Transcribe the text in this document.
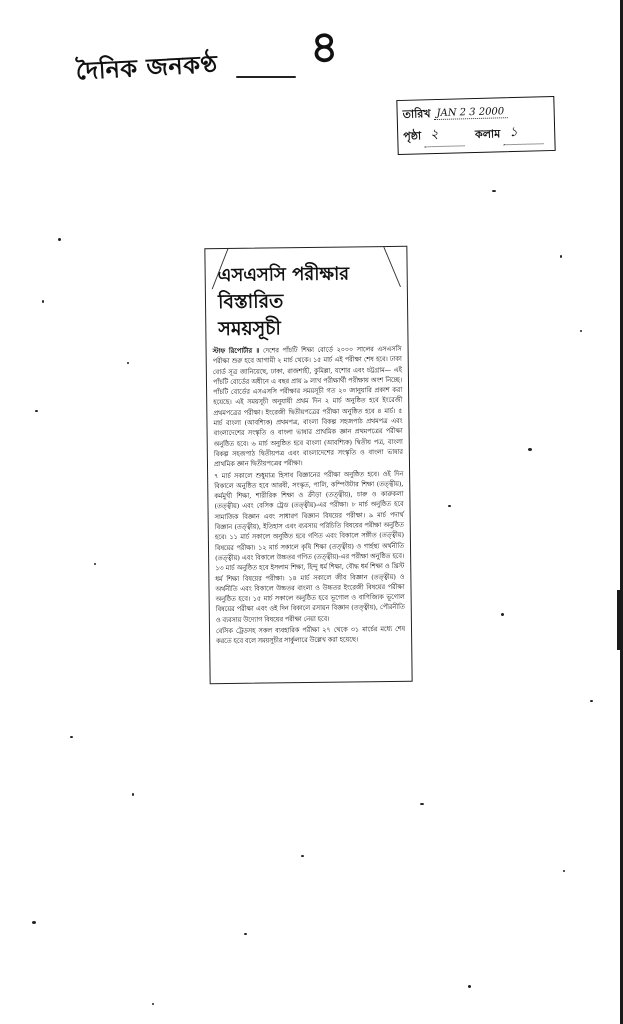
দৈনিক জনকণ্ঠ ৪
তারিখ JAN 2 3 2000
পৃষ্ঠা ২	কলাম ১
এসএসসি পরীক্ষার
বিস্তারিত
সময়সূচী

স্টাফ রিপোর্টার ॥ দেশের পাঁচটি শিক্ষা বোর্ডে ২০০০ সালের এসএসসি পরীক্ষা শুরু হবে আগামী ২ মার্চ থেকে। ১৫ মার্চ এই পরীক্ষা শেষ হবে। ঢাকা বোর্ড সূত্র জানিয়েছে, ঢাকা, রাজশাহী, কুমিল্লা, যশোর এবং চট্টগ্রাম— এই পাঁচটি বোর্ডের অধীনে এ বছর প্রায় ৯ লাখ পরীক্ষার্থী পরীক্ষায় অংশ নিচ্ছে। পাঁচটি বোর্ডের এসএসসি পরীক্ষার সময়সূচী গত ২০ জানুয়ারি প্রকাশ করা হয়েছে। এই সময়সূচী অনুযায়ী প্রথম দিন ২ মার্চ অনুষ্ঠিত হবে ইংরেজী প্রথমপত্রের পরীক্ষা। ইংরেজী দ্বিতীয়পত্রের পরীক্ষা অনুষ্ঠিত হবে ৪ মার্চ। ৫ মার্চ বাংলা (আবশ্যিক) প্রথমপত্র, বাংলা বিকল্প সহজপাঠ প্রথমপত্র এবং বাংলাদেশের সংস্কৃতি ও বাংলা ভাষার প্রাথমিক জ্ঞান প্রথমপত্রের পরীক্ষা অনুষ্ঠিত হবে। ৬ মার্চ অনুষ্ঠিত হবে বাংলা (আবশ্যিক) দ্বিতীয় পত্র, বাংলা বিকল্প সহজপাঠ দ্বিতীয়পত্র এবং বাংলাদেশের সংস্কৃতি ও বাংলা ভাষার প্রাথমিক জ্ঞান দ্বিতীয়পত্রের পরীক্ষা।

৭ মার্চ সকালে শুধুমাত্র হিসাব বিজ্ঞানের পরীক্ষা অনুষ্ঠিত হবে। ওই দিন বিকালে অনুষ্ঠিত হবে আরবী, সংস্কৃত, পালি, কম্পিউটার শিক্ষা (তত্ত্বীয়), কর্মমুখী শিক্ষা, শারীরিক শিক্ষা ও ক্রীড়া (তত্ত্বীয়), চারু ও কারুকলা (তত্ত্বীয়) এবং বেসিক ট্রেড (তত্ত্বীয়)-এর পরীক্ষা। ৮ মার্চ অনুষ্ঠিত হবে সামাজিক বিজ্ঞান এবং সাধারণ বিজ্ঞান বিষয়ের পরীক্ষা। ৯ মার্চ পদার্থ বিজ্ঞান (তত্ত্বীয়), ইতিহাস এবং ব্যবসায় পরিচিতি বিষয়ের পরীক্ষা অনুষ্ঠিত হবে। ১১ মার্চ সকালে অনুষ্ঠিত হবে গণিত এবং বিকালে সঙ্গীত (তত্ত্বীয়) বিষয়ের পরীক্ষা। ১২ মার্চ সকালে কৃষি শিক্ষা (তত্ত্বীয়) ও গার্হস্থ্য অর্থনীতি (তত্ত্বীয়) এবং বিকালে উচ্চতর গণিত (তত্ত্বীয়)-এর পরীক্ষা অনুষ্ঠিত হবে। ১৩ মার্চ অনুষ্ঠিত হবে ইসলাম শিক্ষা, হিন্দু ধর্ম শিক্ষা, বৌদ্ধ ধর্ম শিক্ষা ও খ্রিস্ট ধর্ম শিক্ষা বিষয়ের পরীক্ষা। ১৪ মার্চ সকালে জীব বিজ্ঞান (তত্ত্বীয়) ও অর্থনীতি এবং বিকালে উচ্চতর বাংলা ও উচ্চতর ইংরেজী বিষয়ের পরীক্ষা অনুষ্ঠিত হবে। ১৫ মার্চ সকালে অনুষ্ঠিত হবে ভূগোল ও বাণিজ্যিক ভূগোল বিষয়ের পরীক্ষা এবং ওই দিন বিকালে রসায়ন বিজ্ঞান (তত্ত্বীয়), পৌরনীতি ও ব্যবসায় উদ্যোগ বিষয়ের পরীক্ষা নেয়া হবে।

বেসিক ট্রেডসহ সকল ব্যবহারিক পরীক্ষা ২৭ থেকে ৩১ মার্চের মধ্যে শেষ করতে হবে বলে সময়সূচীর সার্কুলারে উল্লেখ করা হয়েছে।
